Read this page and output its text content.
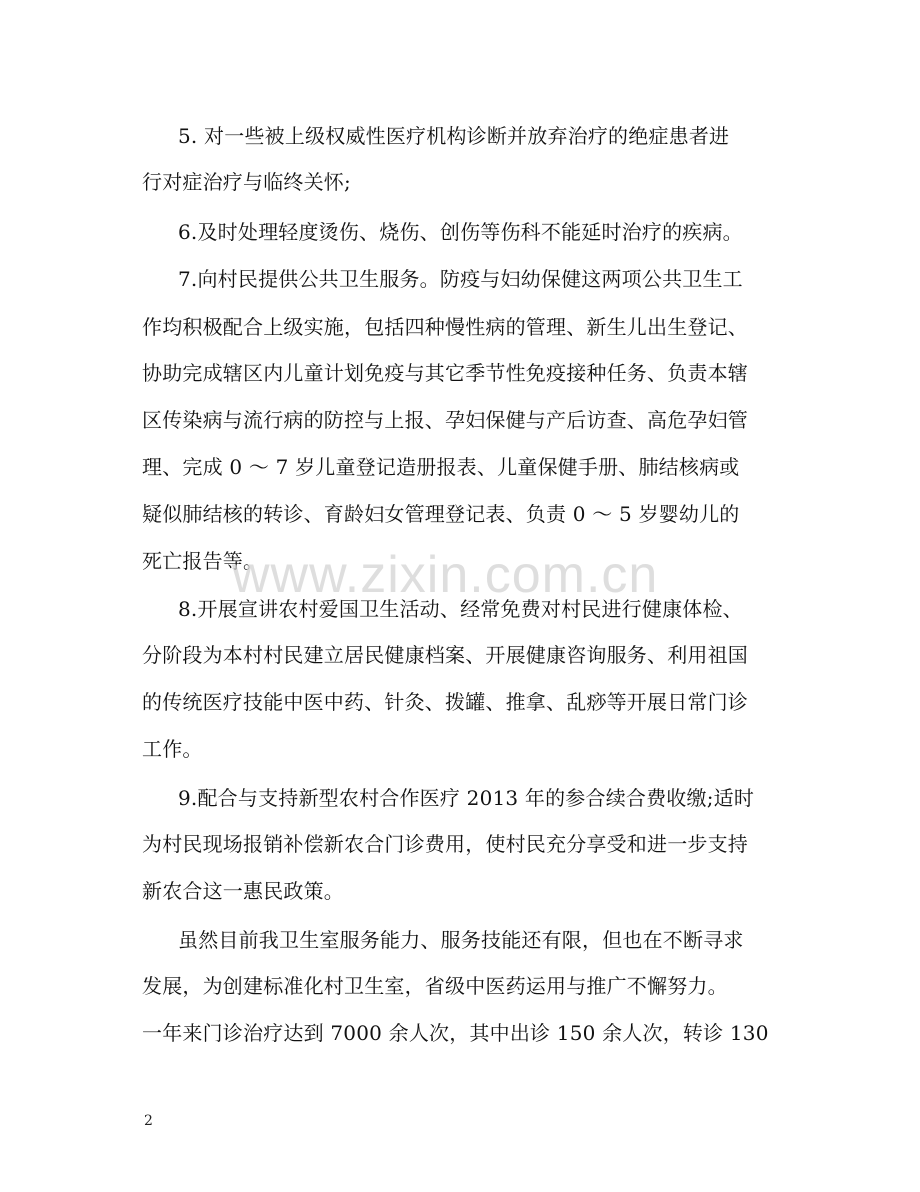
5. 对一些被上级权威性医疗机构诊断并放弃治疗的绝症患者进
行对症治疗与临终关怀;
6.及时处理轻度烫伤、烧伤、创伤等伤科不能延时治疗的疾病。
7.向村民提供公共卫生服务。防疫与妇幼保健这两项公共卫生工
作均积极配合上级实施，包括四种慢性病的管理、新生儿出生登记、
协助完成辖区内儿童计划免疫与其它季节性免疫接种任务、负责本辖
区传染病与流行病的防控与上报、孕妇保健与产后访查、高危孕妇管
理、完成 0 ～ 7 岁儿童登记造册报表、儿童保健手册、肺结核病或
疑似肺结核的转诊、育龄妇女管理登记表、负责 0 ～ 5 岁婴幼儿的
死亡报告等。
www.zixin.com.cn
8.开展宣讲农村爱国卫生活动、经常免费对村民进行健康体检、
分阶段为本村村民建立居民健康档案、开展健康咨询服务、利用祖国
的传统医疗技能中医中药、针灸、拨罐、推拿、乱痧等开展日常门诊
工作。
9.配合与支持新型农村合作医疗 2013 年的参合续合费收缴;适时
为村民现场报销补偿新农合门诊费用，使村民充分享受和进一步支持
新农合这一惠民政策。
虽然目前我卫生室服务能力、服务技能还有限，但也在不断寻求
发展，为创建标准化村卫生室，省级中医药运用与推广不懈努力。
一年来门诊治疗达到 7000 余人次，其中出诊 150 余人次，转诊 130
2
